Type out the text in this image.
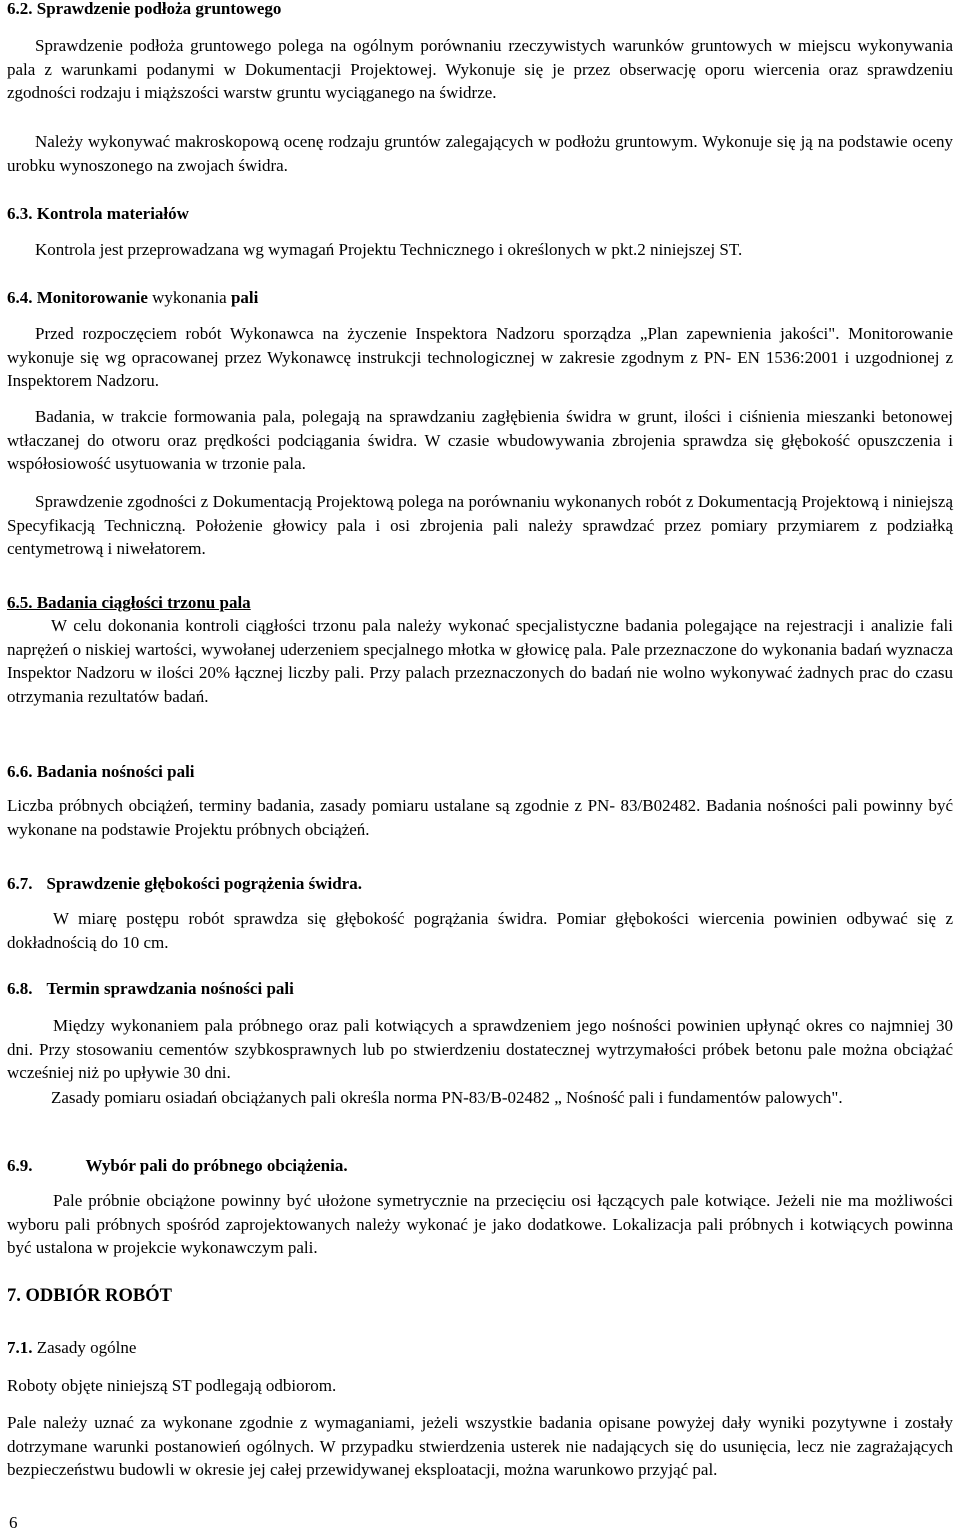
6.2. Sprawdzenie podłoża gruntowego

Sprawdzenie podłoża gruntowego polega na ogólnym porównaniu rzeczywistych warunków gruntowych w miejscu wykonywania pala z warunkami podanymi w Dokumentacji Projektowej. Wykonuje się je przez obserwację oporu wiercenia oraz sprawdzeniu zgodności rodzaju i miąższości warstw gruntu wyciąganego na świdrze.

Należy wykonywać makroskopową ocenę rodzaju gruntów zalegających w podłożu gruntowym. Wykonuje się ją na podstawie oceny urobku wynoszonego na zwojach świdra.

6.3. Kontrola materiałów

Kontrola jest przeprowadzana wg wymagań Projektu Technicznego i określonych w pkt.2 niniejszej ST.

6.4. Monitorowanie wykonania pali

Przed rozpoczęciem robót Wykonawca na życzenie Inspektora Nadzoru sporządza „Plan zapewnienia jakości". Monitorowanie wykonuje się wg opracowanej przez Wykonawcę instrukcji technologicznej w zakresie zgodnym z PN- EN 1536:2001 i uzgodnionej z Inspektorem Nadzoru.

Badania, w trakcie formowania pala, polegają na sprawdzaniu zagłębienia świdra w grunt, ilości i ciśnienia mieszanki betonowej wtłaczanej do otworu oraz prędkości podciągania świdra. W czasie wbudowywania zbrojenia sprawdza się głębokość opuszczenia i współosiowość usytuowania w trzonie pala.

Sprawdzenie zgodności z Dokumentacją Projektową polega na porównaniu wykonanych robót z Dokumentacją Projektową i niniejszą Specyfikacją Techniczną. Położenie głowicy pala i osi zbrojenia pali należy sprawdzać przez pomiary przymiarem z podziałką centymetrową i niwełatorem.

6.5. Badania ciągłości trzonu pala

W celu dokonania kontroli ciągłości trzonu pala należy wykonać specjalistyczne badania polegające na rejestracji i analizie fali naprężeń o niskiej wartości, wywołanej uderzeniem specjalnego młotka w głowicę pala. Pale przeznaczone do wykonania badań wyznacza Inspektor Nadzoru w ilości 20% łącznej liczby pali. Przy palach przeznaczonych do badań nie wolno wykonywać żadnych prac do czasu otrzymania rezultatów badań.

6.6. Badania nośności pali

Liczba próbnych obciążeń, terminy badania, zasady pomiaru ustalane są zgodnie z PN- 83/B02482. Badania nośności pali powinny być wykonane na podstawie Projektu próbnych obciążeń.

6.7. Sprawdzenie głębokości pogrążenia świdra.

W miarę postępu robót sprawdza się głębokość pogrążania świdra. Pomiar głębokości wiercenia powinien odbywać się z dokładnością do 10 cm.

6.8. Termin sprawdzania nośności pali

Między wykonaniem pala próbnego oraz pali kotwiących a sprawdzeniem jego nośności powinien upłynąć okres co najmniej 30 dni. Przy stosowaniu cementów szybkosprawnych lub po stwierdzeniu dostatecznej wytrzymałości próbek betonu pale można obciążać wcześniej niż po upływie 30 dni.

Zasady pomiaru osiadań obciążanych pali określa norma PN-83/B-02482 „ Nośność pali i fundamentów palowych".

6.9.	Wybór pali do próbnego obciążenia.

Pale próbnie obciążone powinny być ułożone symetrycznie na przecięciu osi łączących pale kotwiące. Jeżeli nie ma możliwości wyboru pali próbnych spośród zaprojektowanych należy wykonać je jako dodatkowe. Lokalizacja pali próbnych i kotwiących powinna być ustalona w projekcie wykonawczym pali.

7. ODBIÓR ROBÓT
7.1. Zasady ogólne

Roboty objęte niniejszą ST podlegają odbiorom.

Pale należy uznać za wykonane zgodnie z wymaganiami, jeżeli wszystkie badania opisane powyżej dały wyniki pozytywne i zostały dotrzymane warunki postanowień ogólnych. W przypadku stwierdzenia usterek nie nadających się do usunięcia, lecz nie zagrażających bezpieczeństwu budowli w okresie jej całej przewidywanej eksploatacji, można warunkowo przyjąć pal.

6
